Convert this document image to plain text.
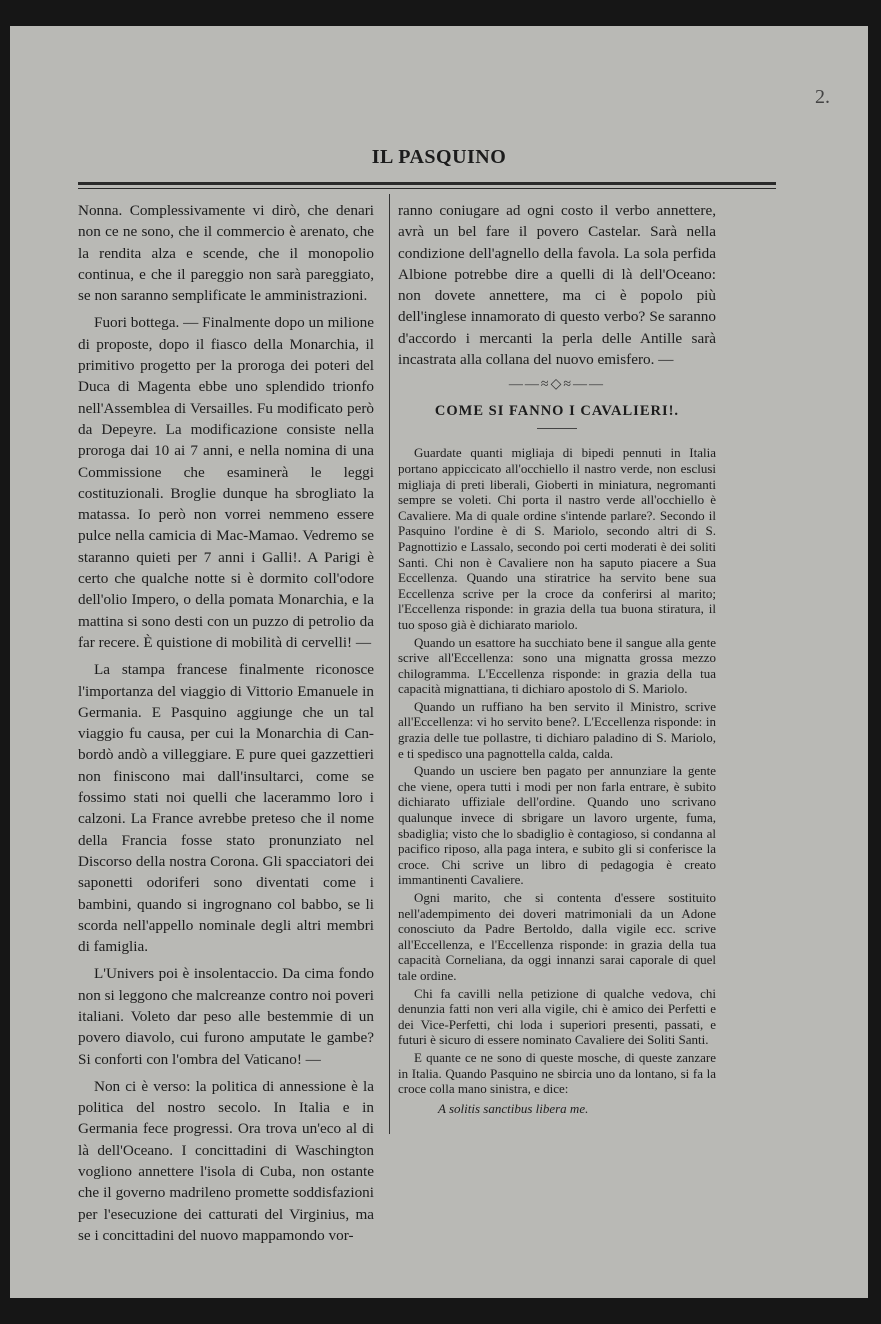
2.
IL PASQUINO

Nonna. Complessivamente vi dirò, che denari non ce ne sono, che il commercio è arenato, che la rendita alza e scende, che il monopolio continua, e che il pareggio non sarà pareggiato, se non saranno semplificate le amministrazioni.

Fuori bottega. — Finalmente dopo un milione di proposte, dopo il fiasco della Monarchia, il primitivo progetto per la proroga dei poteri del Duca di Magenta ebbe uno splendido trionfo nell'Assemblea di Versailles. Fu modificato però da Depeyre. La modificazione consiste nella proroga dai 10 ai 7 anni, e nella nomina di una Commissione che esaminerà le leggi costituzionali. Broglie dunque ha sbrogliato la matassa. Io però non vorrei nemmeno essere pulce nella camicia di Mac-Mamao. Vedremo se staranno quieti per 7 anni i Galli!. A Parigi è certo che qualche notte si è dormito coll'odore dell'olio Impero, o della pomata Monarchia, e la mattina si sono desti con un puzzo di petrolio da far recere. È quistione di mobilità di cervelli! —

La stampa francese finalmente riconosce l'importanza del viaggio di Vittorio Emanuele in Germania. E Pasquino aggiunge che un tal viaggio fu causa, per cui la Monarchia di Can-bordò andò a villeggiare. E pure quei gazzettieri non finiscono mai dall'insultarci, come se fossimo stati noi quelli che lacerammo loro i calzoni. La France avrebbe preteso che il nome della Francia fosse stato pronunziato nel Discorso della nostra Corona. Gli spacciatori dei saponetti odoriferi sono diventati come i bambini, quando si ingrognano col babbo, se li scorda nell'appello nominale degli altri membri di famiglia.

L'Univers poi è insolentaccio. Da cima fondo non si leggono che malcreanze contro noi poveri italiani. Voleto dar peso alle bestemmie di un povero diavolo, cui furono amputate le gambe? Si conforti con l'ombra del Vaticano! —

Non ci è verso: la politica di annessione è la politica del nostro secolo. In Italia e in Germania fece progressi. Ora trova un'eco al di là dell'Oceano. I concittadini di Waschington vogliono annettere l'isola di Cuba, non ostante che il governo madrileno promette soddisfazioni per l'esecuzione dei catturati del Virginius, ma se i concittadini del nuovo mappamondo vor-

ranno coniugare ad ogni costo il verbo annettere, avrà un bel fare il povero Castelar. Sarà nella condizione dell'agnello della favola. La sola perfida Albione potrebbe dire a quelli di là dell'Oceano: non dovete annettere, ma ci è popolo più dell'inglese innamorato di questo verbo? Se saranno d'accordo i mercanti la perla delle Antille sarà incastrata alla collana del nuovo emisfero. —

——≈◇≈——
COME SI FANNO I CAVALIERI!.

Guardate quanti migliaja di bipedi pennuti in Italia portano appiccicato all'occhiello il nastro verde, non esclusi migliaja di preti liberali, Gioberti in miniatura, negromanti sempre se voleti. Chi porta il nastro verde all'occhiello è Cavaliere. Ma di quale ordine s'intende parlare?. Secondo il Pasquino l'ordine è di S. Mariolo, secondo altri di S. Pagnottizio e Lassalo, secondo poi certi moderati è dei soliti Santi. Chi non è Cavaliere non ha saputo piacere a Sua Eccellenza. Quando una stiratrice ha servito bene sua Eccellenza scrive per la croce da conferirsi al marito; l'Eccellenza risponde: in grazia della tua buona stiratura, il tuo sposo già è dichiarato mariolo.

Quando un esattore ha succhiato bene il sangue alla gente scrive all'Eccellenza: sono una mignatta grossa mezzo chilogramma. L'Eccellenza risponde: in grazia della tua capacità mignattiana, ti dichiaro apostolo di S. Mariolo.

Quando un ruffiano ha ben servito il Ministro, scrive all'Eccellenza: vi ho servito bene?. L'Eccellenza risponde: in grazia delle tue pollastre, ti dichiaro paladino di S. Mariolo, e ti spedisco una pagnottella calda, calda.

Quando un usciere ben pagato per annunziare la gente che viene, opera tutti i modi per non farla entrare, è subito dichiarato uffiziale dell'ordine. Quando uno scrivano qualunque invece di sbrigare un lavoro urgente, fuma, sbadiglia; visto che lo sbadiglio è contagioso, si condanna al pacifico riposo, alla paga intera, e subito gli si conferisce la croce. Chi scrive un libro di pedagogia è creato immantinenti Cavaliere.

Ogni marito, che si contenta d'essere sostituito nell'adempimento dei doveri matrimoniali da un Adone conosciuto da Padre Bertoldo, dalla vigile ecc. scrive all'Eccellenza, e l'Eccellenza risponde: in grazia della tua capacità Corneliana, da oggi innanzi sarai caporale di quel tale ordine.

Chi fa cavilli nella petizione di qualche vedova, chi denunzia fatti non veri alla vigile, chi è amico dei Perfetti e dei Vice-Perfetti, chi loda i superiori presenti, passati, e futuri è sicuro di essere nominato Cavaliere dei Soliti Santi.

E quante ce ne sono di queste mosche, di queste zanzare in Italia. Quando Pasquino ne sbircia uno da lontano, si fa la croce colla mano sinistra, e dice:

A solitis sanctibus libera me.
